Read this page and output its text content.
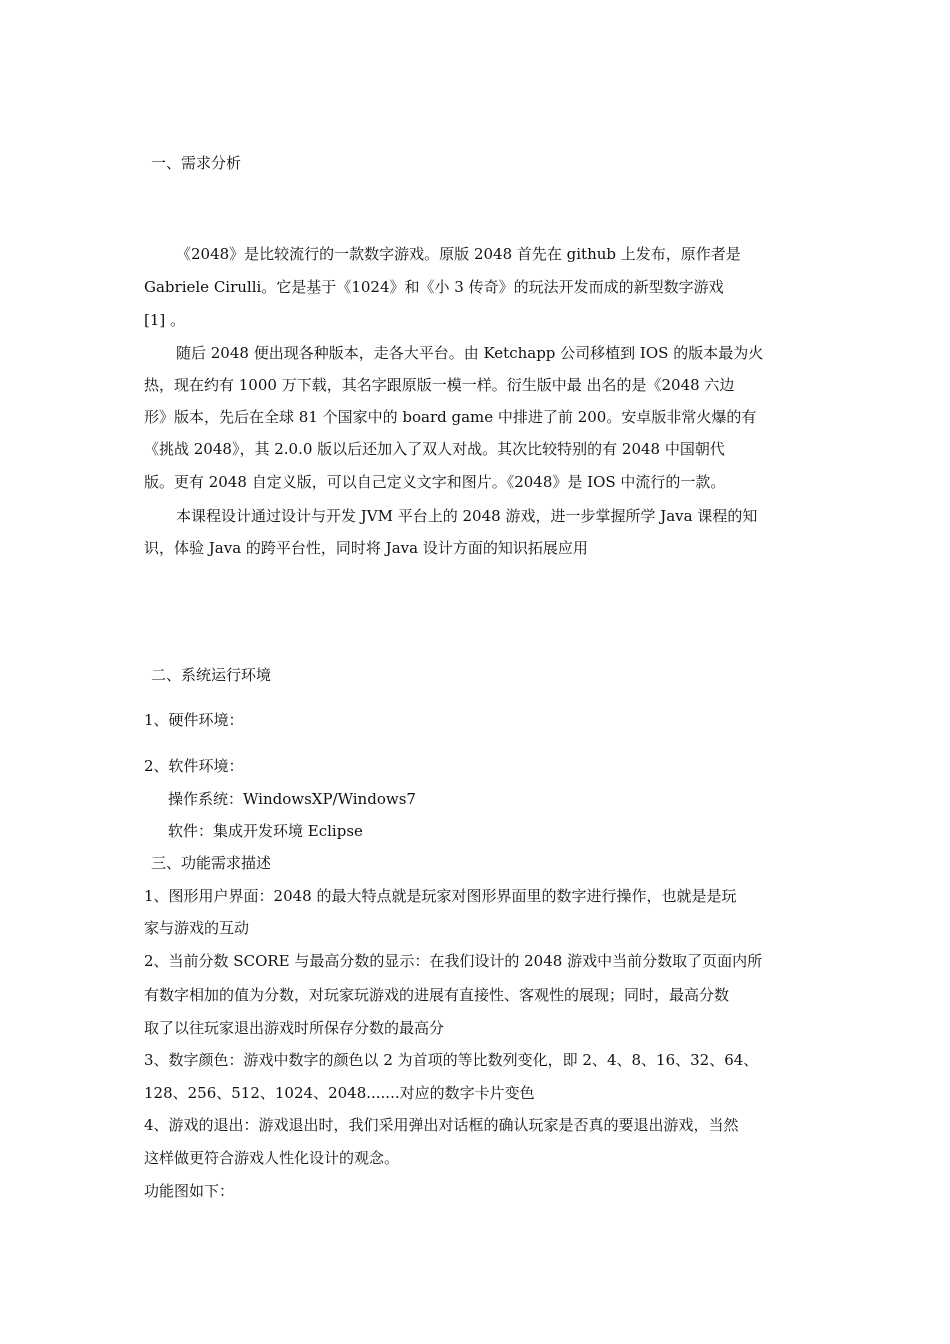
一、需求分析
《2048》是比较流行的一款数字游戏。原版 2048 首先在 github 上发布，原作者是
Gabriele Cirulli。它是基于《1024》和《小 3 传奇》的玩法开发而成的新型数字游戏
[1] 。
随后 2048 便出现各种版本，走各大平台。由 Ketchapp 公司移植到 IOS 的版本最为火
热，现在约有 1000 万下载，其名字跟原版一模一样。衍生版中最 出名的是《2048 六边
形》版本，先后在全球 81 个国家中的 board game 中排进了前 200。安卓版非常火爆的有
《挑战 2048》，其 2.0.0 版以后还加入了双人对战。其次比较特别的有 2048 中国朝代
版。更有 2048 自定义版，可以自己定义文字和图片。《2048》是 IOS 中流行的一款。
本课程设计通过设计与开发 JVM 平台上的 2048 游戏，进一步掌握所学 Java 课程的知
识，体验 Java 的跨平台性，同时将 Java 设计方面的知识拓展应用
二、系统运行环境
1、硬件环境：
2、软件环境：
操作系统：WindowsXP/Windows7
软件：集成开发环境 Eclipse
三、功能需求描述
1、图形用户界面：2048 的最大特点就是玩家对图形界面里的数字进行操作，也就是是玩
家与游戏的互动
2、当前分数 SCORE 与最高分数的显示：在我们设计的 2048 游戏中当前分数取了页面内所
有数字相加的值为分数，对玩家玩游戏的进展有直接性、客观性的展现；同时，最高分数
取了以往玩家退出游戏时所保存分数的最高分
3、数字颜色：游戏中数字的颜色以 2 为首项的等比数列变化，即 2、4、8、16、32、64、
128、256、512、1024、2048.......对应的数字卡片变色
4、游戏的退出：游戏退出时，我们采用弹出对话框的确认玩家是否真的要退出游戏，当然
这样做更符合游戏人性化设计的观念。
功能图如下：
